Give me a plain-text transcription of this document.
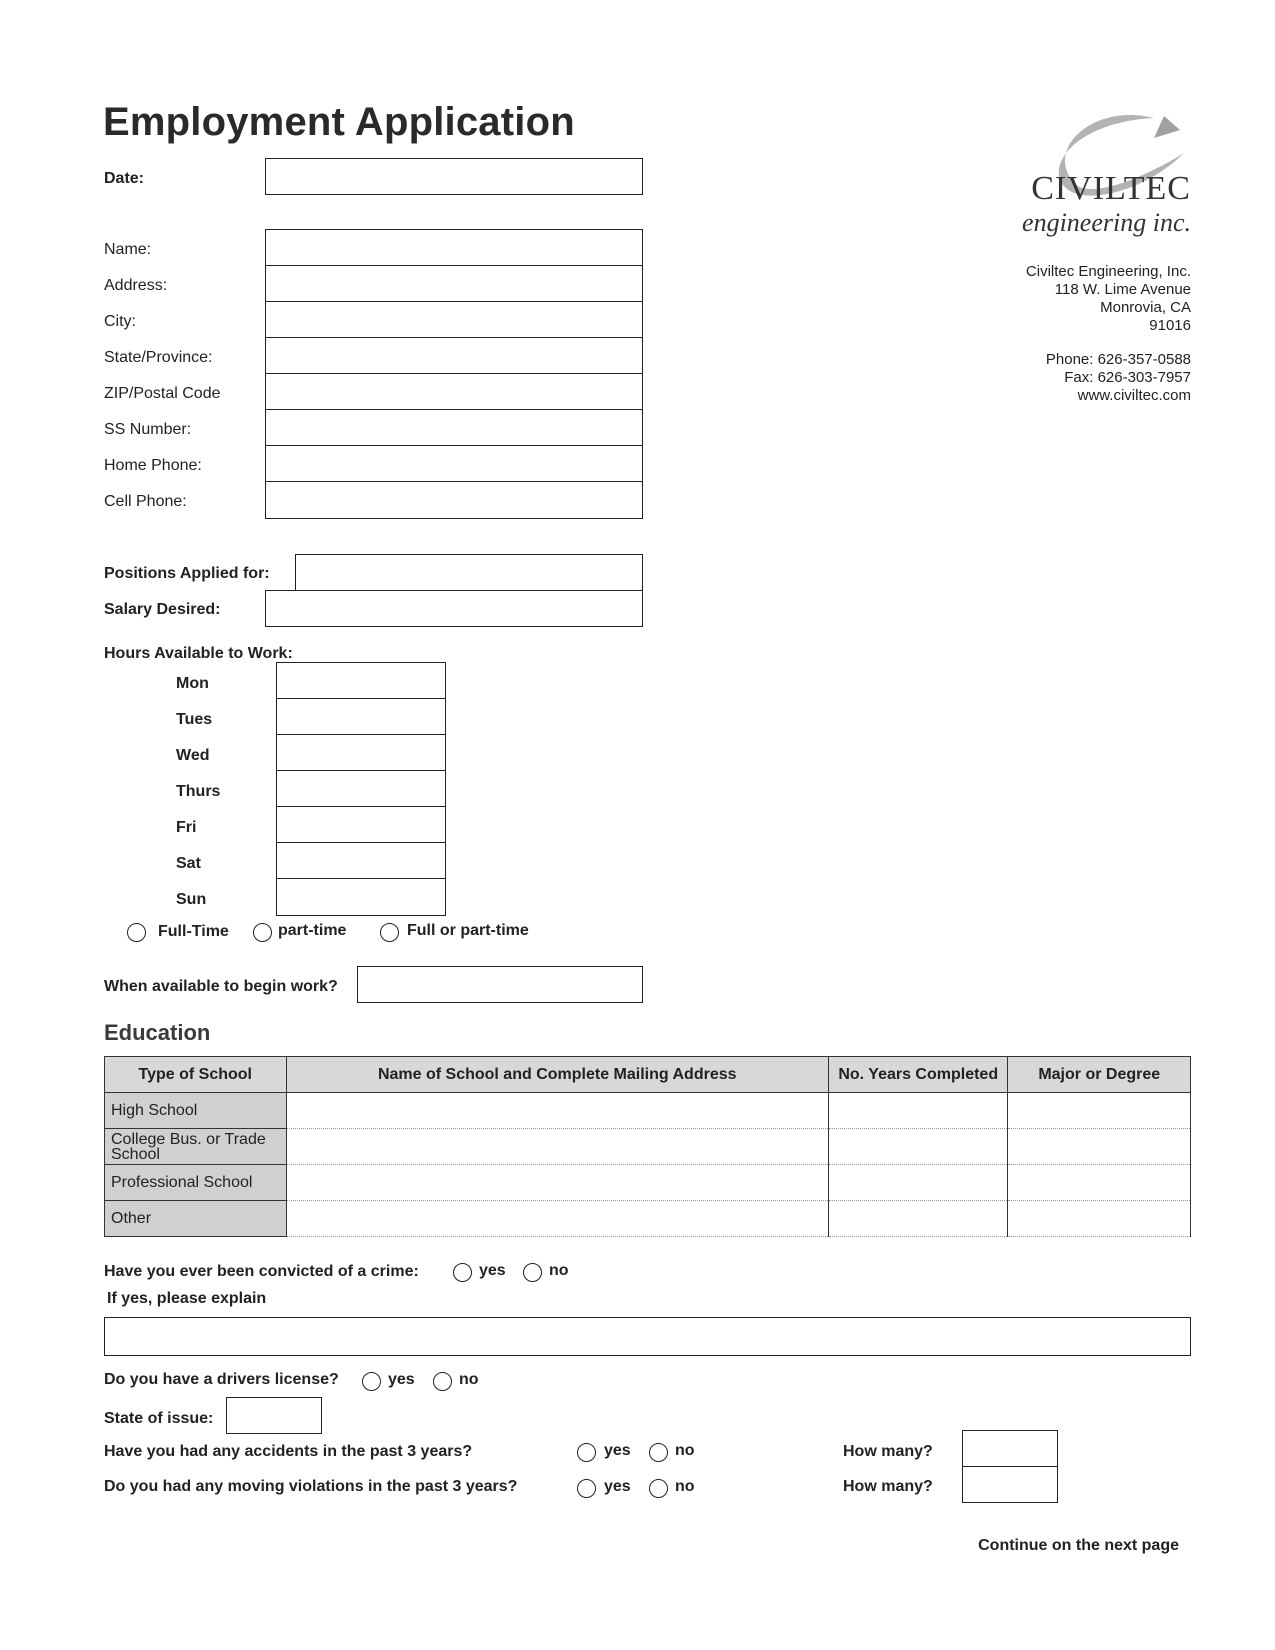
Employment Application
CIVILTEC
engineering inc.
Civiltec Engineering, Inc.
118 W. Lime Avenue
Monrovia, CA
91016
Phone: 626-357-0588
Fax: 626-303-7957
www.civiltec.com
Date:
Name:
Address:
City:
State/Province:
ZIP/Postal Code
SS Number:
Home Phone:
Cell Phone:
Positions Applied for:
Salary Desired:
Hours Available to Work:
Mon
Tues
Wed
Thurs
Fri
Sat
Sun
Full-Time	part-time	Full or part-time
When available to begin work?
Education
Type of School	Name of School and Complete Mailing Address	No. Years Completed	Major or Degree
High School			
College Bus. or Trade School			
Professional School			
Other			
Have you ever been convicted of a crime:	yes	no
If yes, please explain
Do you have a drivers license?	yes	no
State of issue:
Have you had any accidents in the past 3 years?	yes	no	How many?
Do you had any moving violations in the past 3 years?	yes	no	How many?
Continue on the next page
